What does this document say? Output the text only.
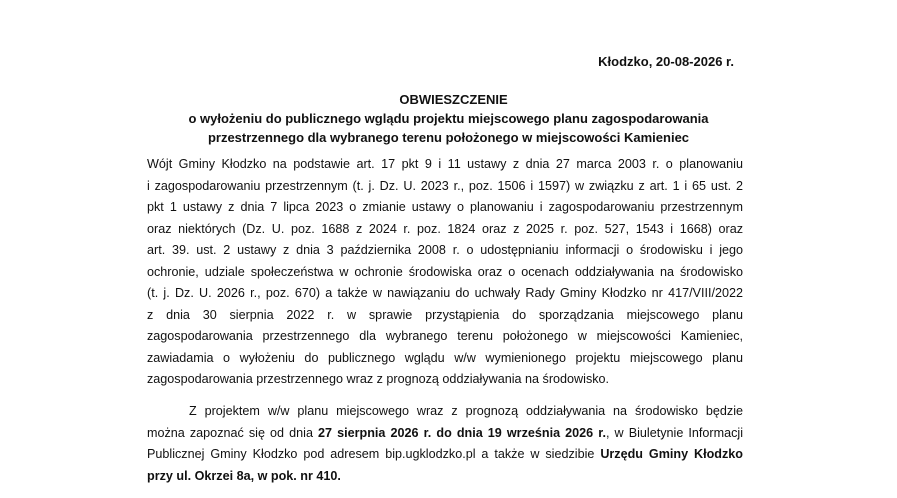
Kłodzko, 20-08-2026 r.
OBWIESZCZENIE
o wyłożeniu do publicznego wglądu projektu miejscowego planu zagospodarowania
przestrzennego dla wybranego terenu położonego w miejscowości Kamieniec
Wójt Gminy Kłodzko na podstawie art. 17 pkt 9 i 11 ustawy z dnia 27 marca 2003 r. o planowaniu
i zagospodarowaniu przestrzennym (t. j. Dz. U. 2023 r., poz. 1506 i 1597) w związku z art. 1 i 65 ust. 2
pkt 1 ustawy z dnia 7 lipca 2023 o zmianie ustawy o planowaniu i zagospodarowaniu przestrzennym
oraz niektórych (Dz. U. poz. 1688 z 2024 r. poz. 1824 oraz z 2025 r. poz. 527, 1543 i 1668) oraz
art. 39. ust. 2 ustawy z dnia 3 października 2008 r. o udostępnianiu informacji o środowisku i jego
ochronie, udziale społeczeństwa w ochronie środowiska oraz o ocenach oddziaływania na środowisko
(t. j. Dz. U. 2026 r., poz. 670) a także w nawiązaniu do uchwały Rady Gminy Kłodzko nr 417/VIII/2022
z dnia 30 sierpnia 2022 r. w sprawie przystąpienia do sporządzania miejscowego planu
zagospodarowania przestrzennego dla wybranego terenu położonego w miejscowości Kamieniec,
zawiadamia o wyłożeniu do publicznego wglądu w/w wymienionego projektu miejscowego planu
zagospodarowania przestrzennego wraz z prognozą oddziaływania na środowisko.
Z projektem w/w planu miejscowego wraz z prognozą oddziaływania na środowisko będzie
można zapoznać się od dnia 27 sierpnia 2026 r. do dnia 19 września 2026 r., w Biuletynie Informacji
Publicznej Gminy Kłodzko pod adresem bip.ugklodzko.pl a także w siedzibie Urzędu Gminy Kłodzko
przy ul. Okrzei 8a, w pok. nr 410.
